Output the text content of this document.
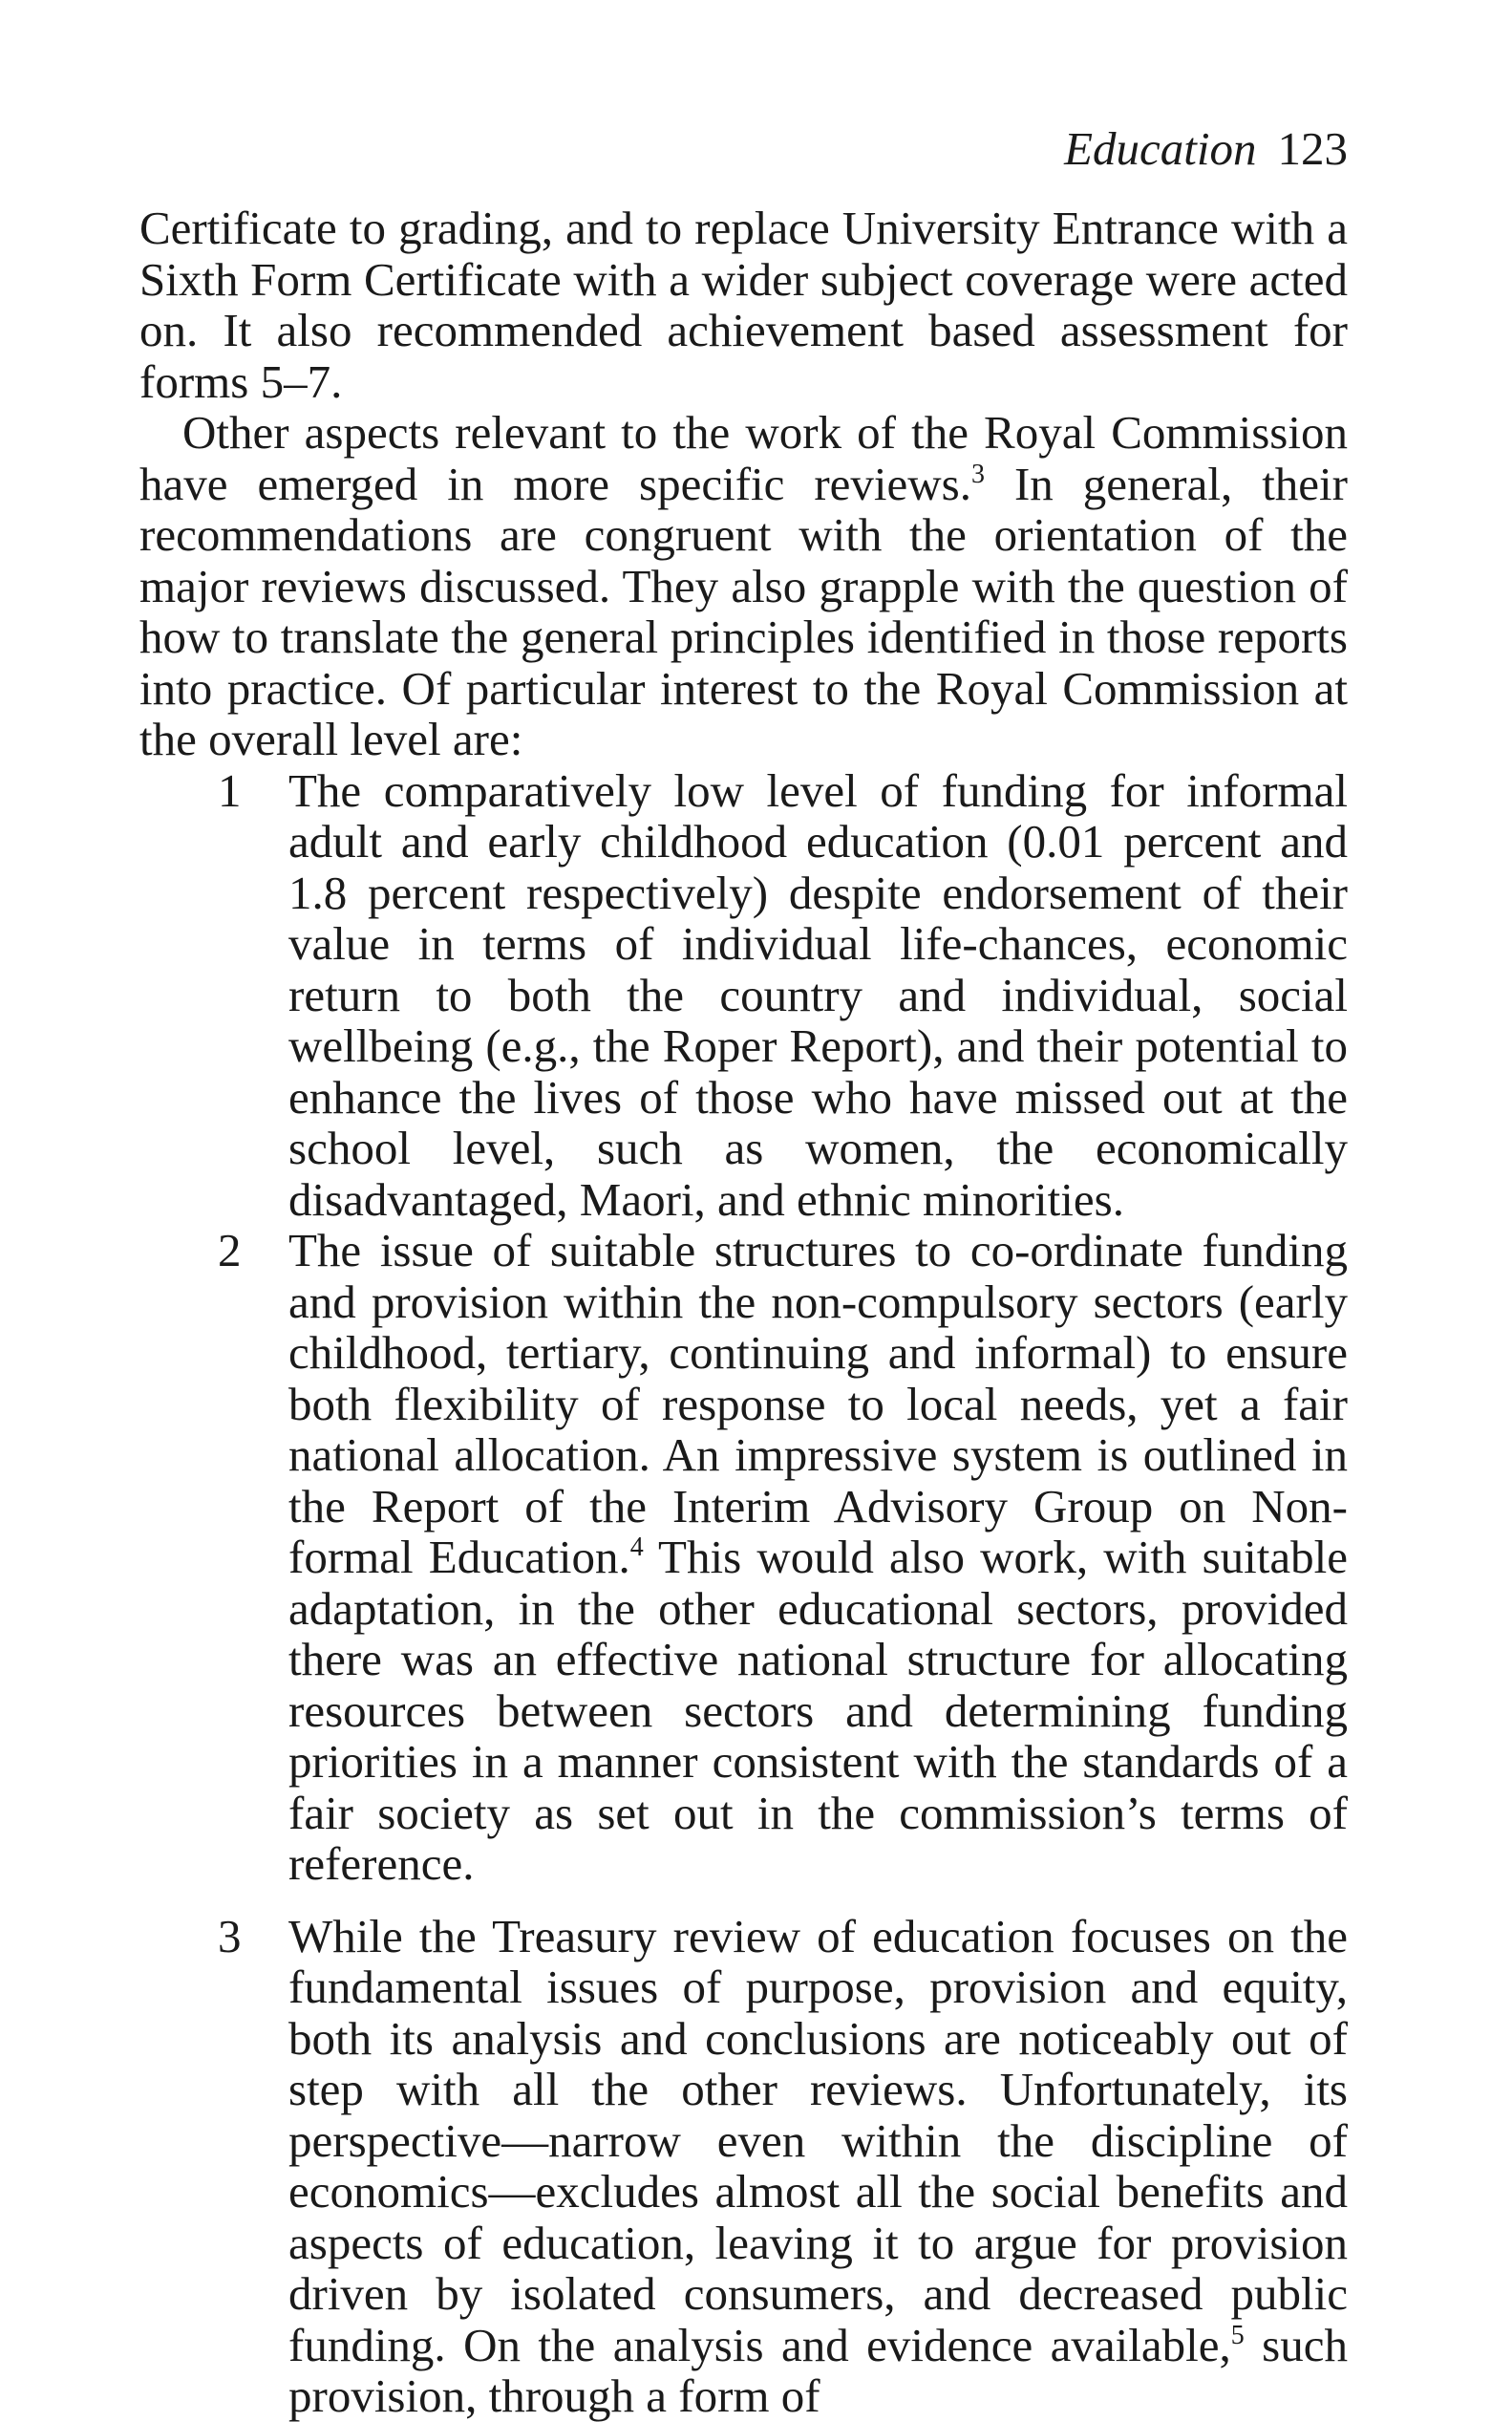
Education 123

Certificate to grading, and to replace University Entrance with a Sixth Form Certificate with a wider subject coverage were acted on. It also recommended achievement based assessment for forms 5–7.

Other aspects relevant to the work of the Royal Commission have emerged in more specific reviews.$^3$ In general, their recommendations are congruent with the orientation of the major reviews discussed. They also grapple with the question of how to translate the general principles identified in those reports into practice. Of particular interest to the Royal Commission at the overall level are:

1 The comparatively low level of funding for informal adult and early childhood education (0.01 percent and 1.8 percent respectively) despite endorsement of their value in terms of individual life-chances, economic return to both the country and individual, social wellbeing (e.g., the Roper Report), and their potential to enhance the lives of those who have missed out at the school level, such as women, the economically disadvantaged, Maori, and ethnic minorities.

2 The issue of suitable structures to co-ordinate funding and provision within the non-compulsory sectors (early childhood, tertiary, continuing and informal) to ensure both flexibility of response to local needs, yet a fair national allocation. An impressive system is outlined in the Report of the Interim Advisory Group on Non-formal Education.$^4$ This would also work, with suitable adaptation, in the other educational sectors, provided there was an effective national structure for allocating resources between sectors and determining funding priorities in a manner consistent with the standards of a fair society as set out in the commission’s terms of reference.

3 While the Treasury review of education focuses on the fundamental issues of purpose, provision and equity, both its analysis and conclusions are noticeably out of step with all the other reviews. Unfortunately, its perspective—narrow even within the discipline of economics—excludes almost all the social benefits and aspects of education, leaving it to argue for provision driven by isolated consumers, and decreased public funding. On the analysis and evidence available,$^5$ such provision, through a form of
